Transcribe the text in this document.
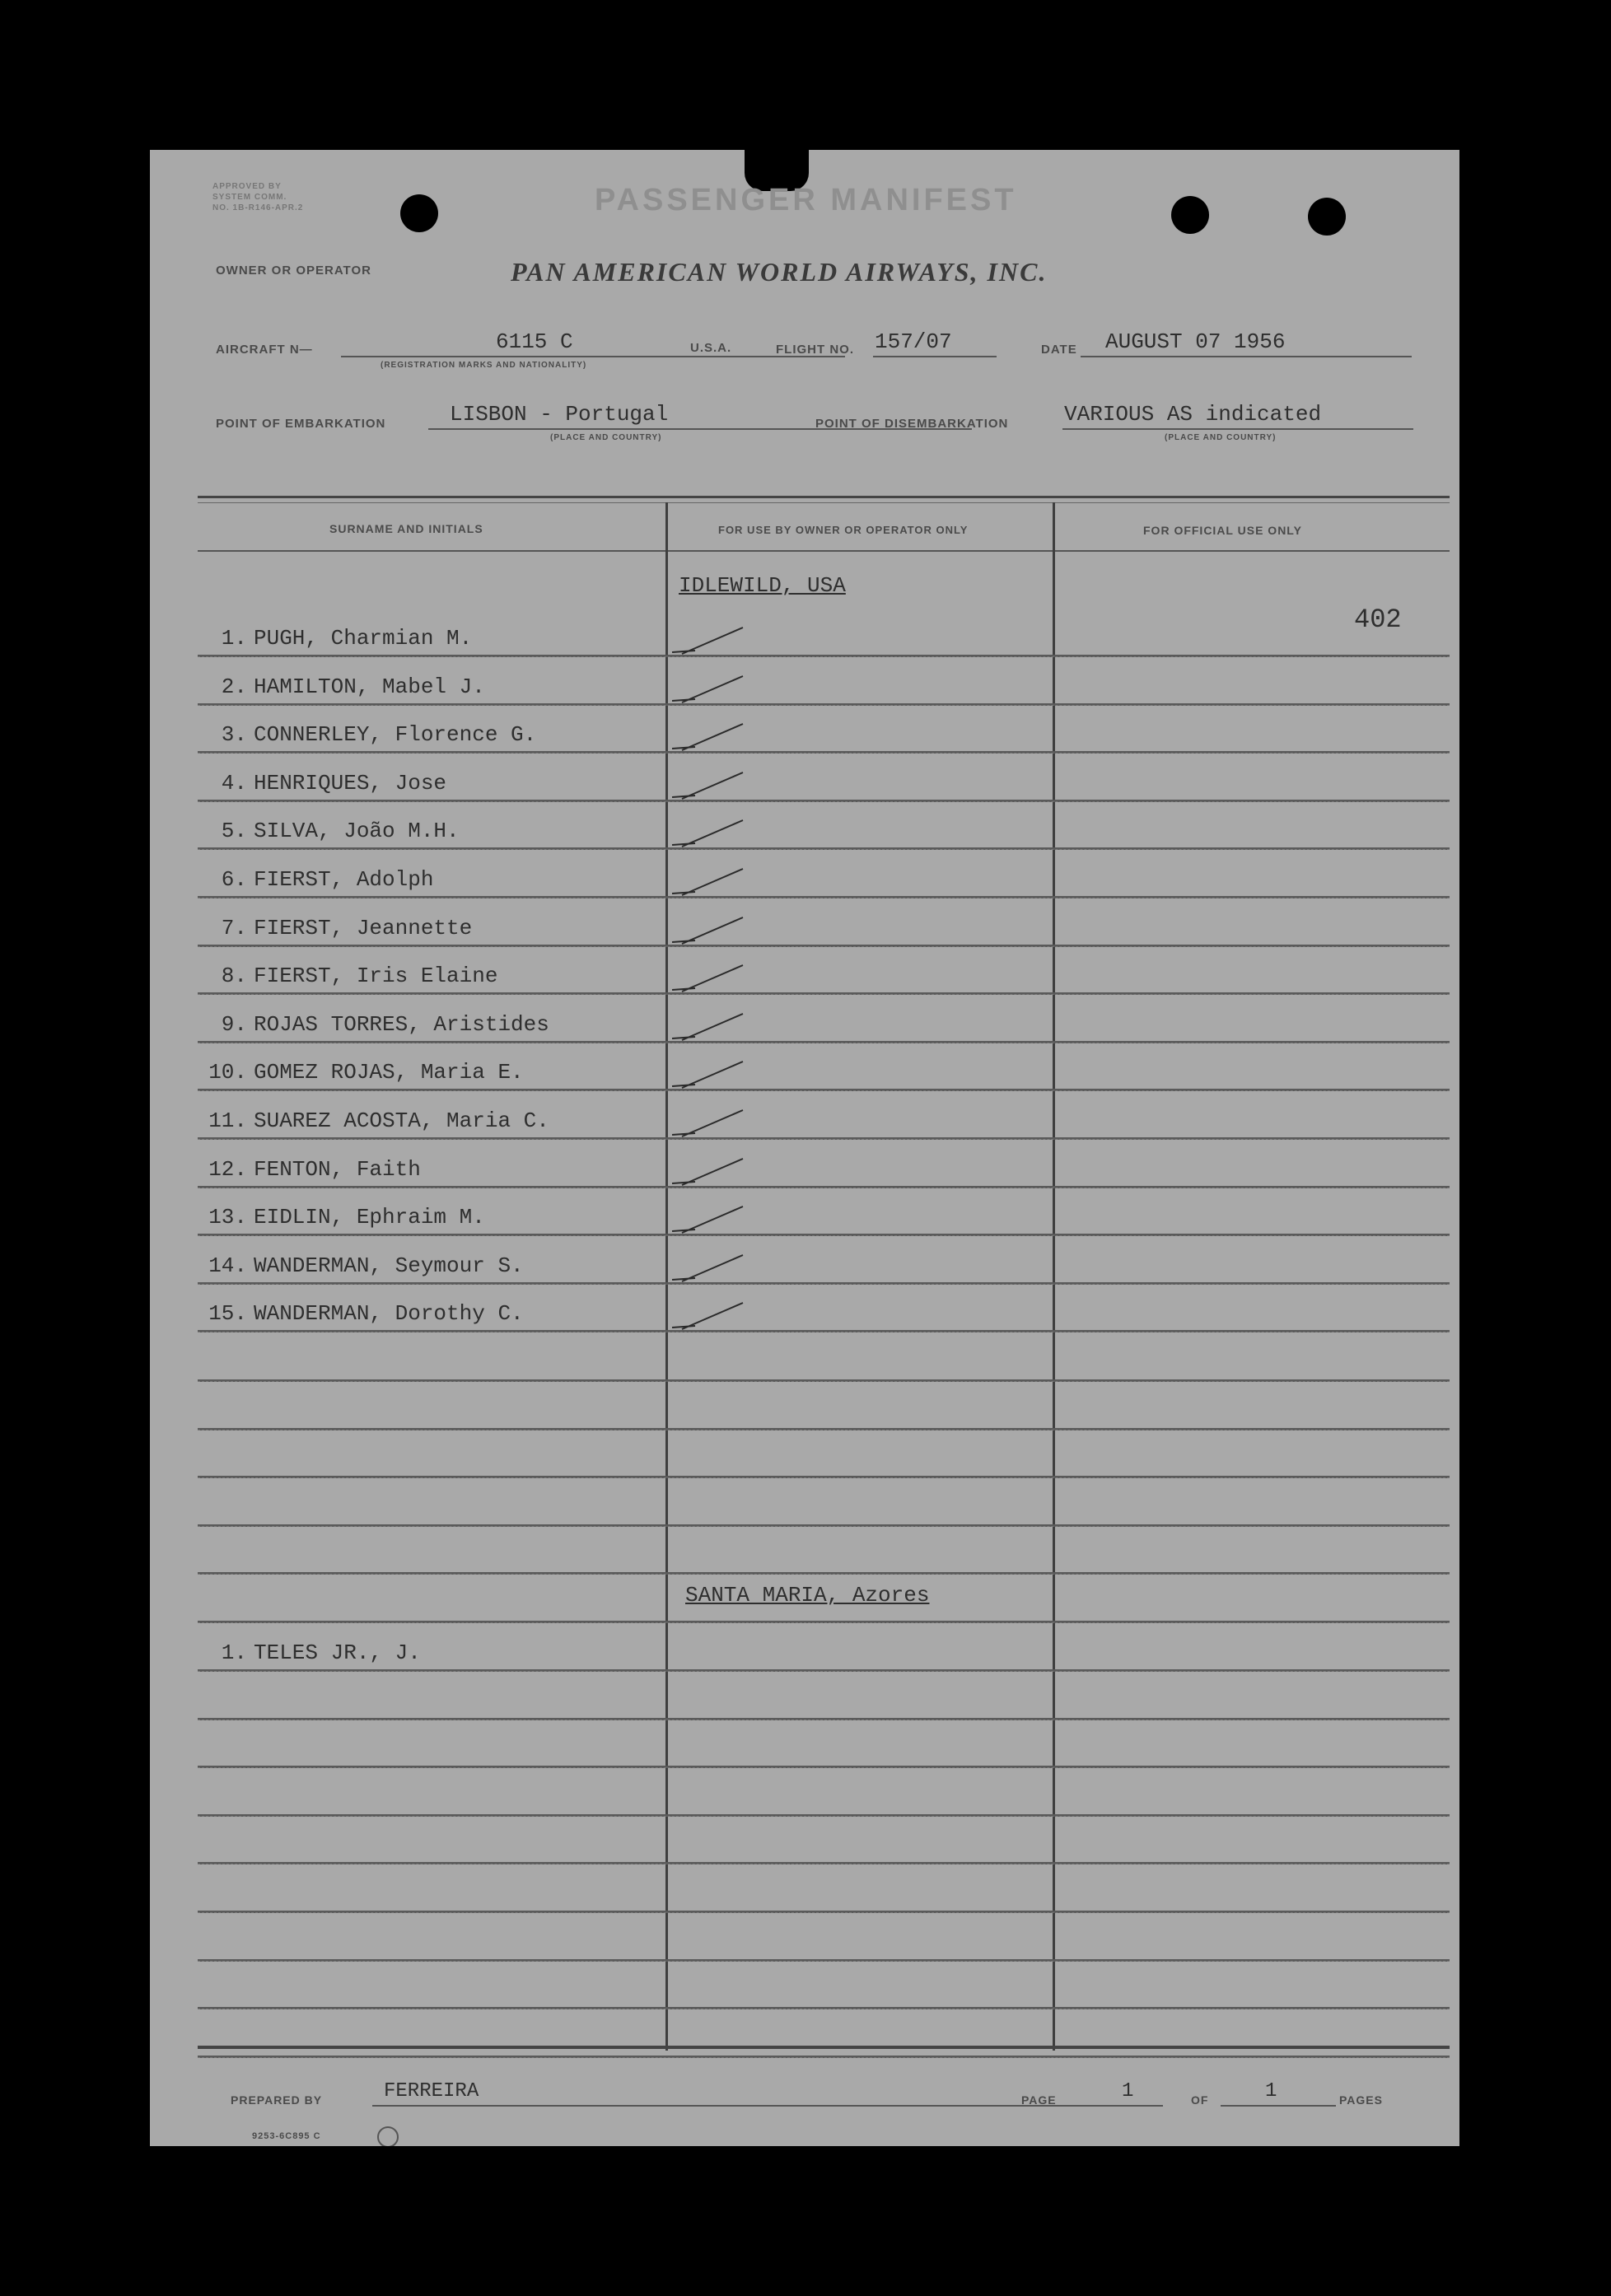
APPROVED BY
SYSTEM COMM.
NO. 1B-R146-APR.2	PASSENGER MANIFEST
OWNER OR OPERATOR	PAN AMERICAN WORLD AIRWAYS, INC.
AIRCRAFT N—	6115 C
(REGISTRATION MARKS AND NATIONALITY)
U.S.A.	FLIGHT NO. 157/07	DATE AUGUST 07 1956
POINT OF EMBARKATION	LISBON - Portugal
(PLACE AND COUNTRY)
POINT OF DISEMBARKATION	VARIOUS AS indicated
(PLACE AND COUNTRY)
SURNAME AND INITIALS	FOR USE BY OWNER OR OPERATOR ONLY	FOR OFFICIAL USE ONLY
IDLEWILD, USA
402
1. PUGH, Charmian M.
2. HAMILTON, Mabel J.
3. CONNERLEY, Florence G.
4. HENRIQUES, Jose
5. SILVA, João M.H.
6. FIERST, Adolph
7. FIERST, Jeannette
8. FIERST, Iris Elaine
9. ROJAS TORRES, Aristides
10. GOMEZ ROJAS, Maria E.
11. SUAREZ ACOSTA, Maria C.
12. FENTON, Faith
13. EIDLIN, Ephraim M.
14. WANDERMAN, Seymour S.
15. WANDERMAN, Dorothy C.
SANTA MARIA, Azores
1. TELES JR., J.
PREPARED BY	FERREIRA	PAGE	1	OF	1	PAGES
9253-6C895 C
